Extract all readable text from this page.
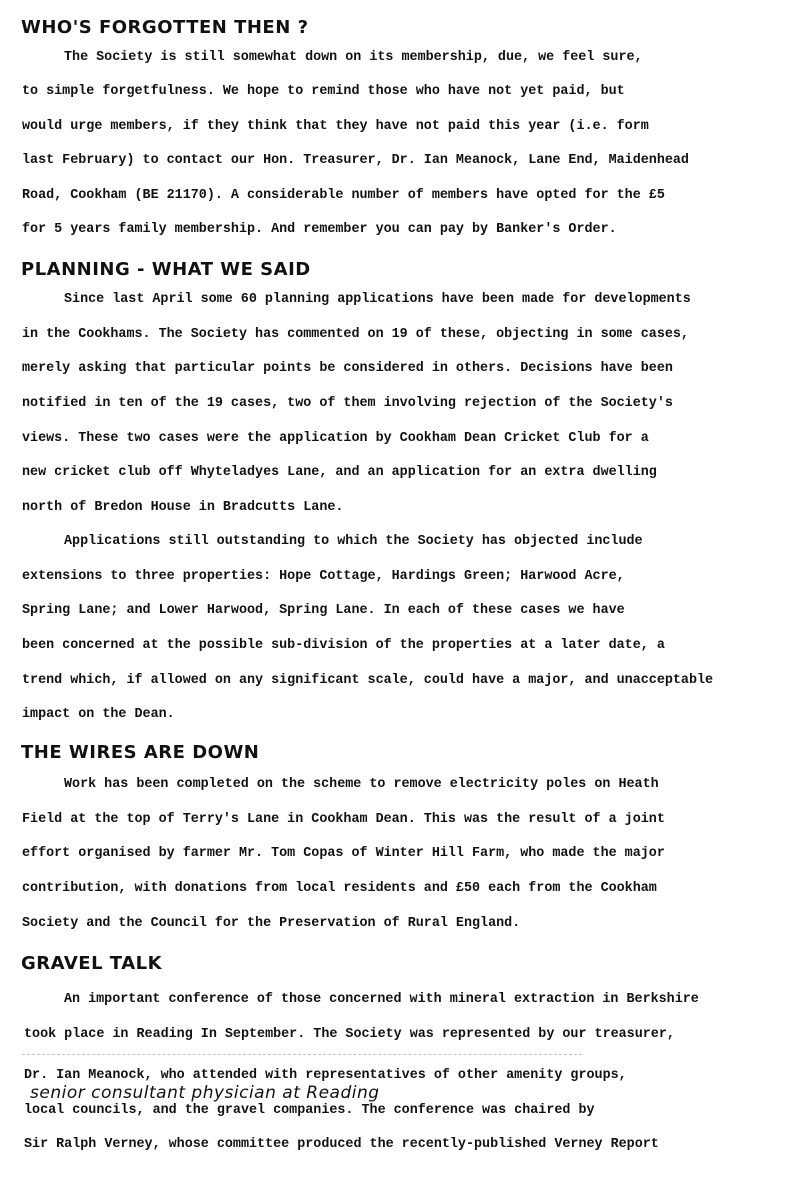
WHO'S FORGOTTEN THEN ?
The Society is still somewhat down on its membership, due, we feel sure,
to simple forgetfulness. We hope to remind those who have not yet paid, but
would urge members, if they think that they have not paid this year (i.e. form
last February) to contact our Hon. Treasurer, Dr. Ian Meanock, Lane End, Maidenhead
Road, Cookham (BE 21170). A considerable number of members have opted for the £5
for 5 years family membership. And remember you can pay by Banker's Order.
PLANNING - WHAT WE SAID
Since last April some 60 planning applications have been made for developments
in the Cookhams. The Society has commented on 19 of these, objecting in some cases,
merely asking that particular points be considered in others. Decisions have been
notified in ten of the 19 cases, two of them involving rejection of the Society's
views. These two cases were the application by Cookham Dean Cricket Club for a
new cricket club off Whyteladyes Lane, and an application for an extra dwelling
north of Bredon House in Bradcutts Lane.
Applications still outstanding to which the Society has objected include
extensions to three properties: Hope Cottage, Hardings Green; Harwood Acre,
Spring Lane; and Lower Harwood, Spring Lane. In each of these cases we have
been concerned at the possible sub-division of the properties at a later date, a
trend which, if allowed on any significant scale, could have a major, and unacceptable
impact on the Dean.
THE WIRES ARE DOWN
Work has been completed on the scheme to remove electricity poles on Heath
Field at the top of Terry's Lane in Cookham Dean. This was the result of a joint
effort organised by farmer Mr. Tom Copas of Winter Hill Farm, who made the major
contribution, with donations from local residents and £50 each from the Cookham
Society and the Council for the Preservation of Rural England.
GRAVEL TALK
An important conference of those concerned with mineral extraction in Berkshire
took place in Reading In September. The Society was represented by our treasurer,
Dr. Ian Meanock, who attended with representatives of other amenity groups,
senior consultant physician at Reading
local councils, and the gravel companies. The conference was chaired by
Sir Ralph Verney, whose committee produced the recently-published Verney Report
